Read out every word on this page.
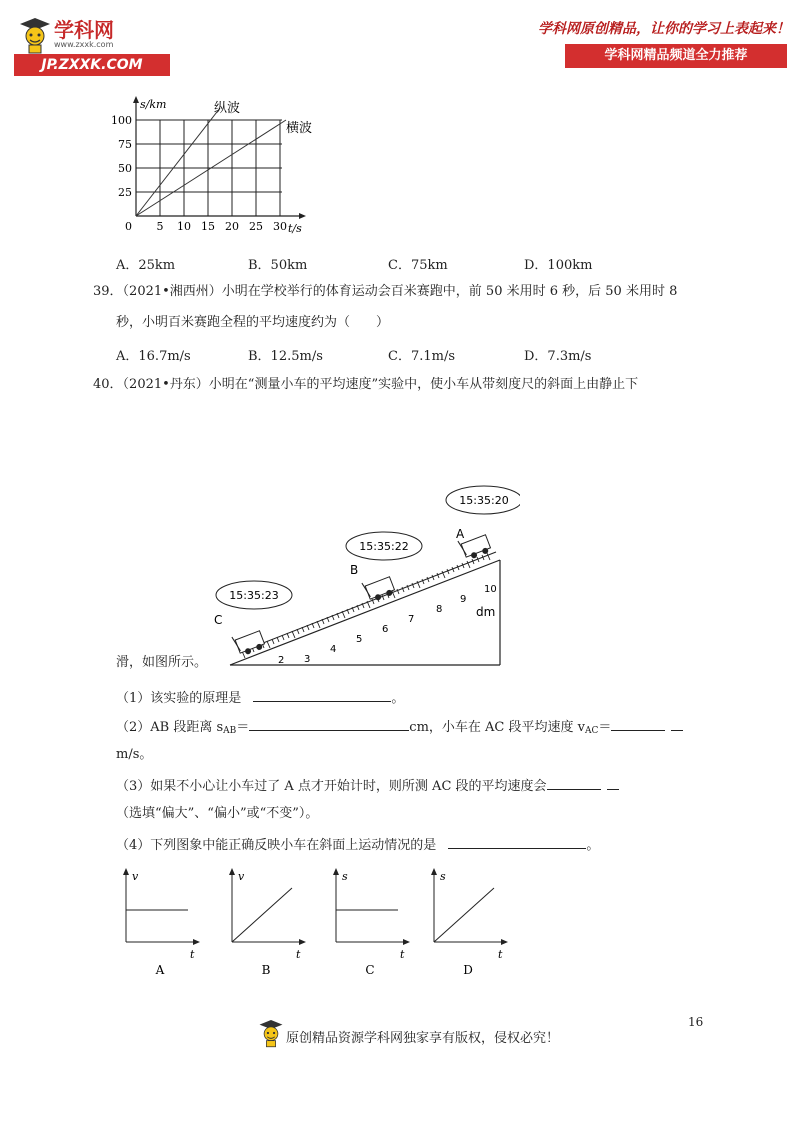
学科网
www.zxxk.com
JP.ZXXK.COM
学科网原创精品，让你的学习上表起来！
学科网精品频道全力推荐
s/km
t/s
100
75
50
25
0 5 10 15 20 25 30
纵波
横波
A．25km	B．50km	C．75km	D．100km
39．（2021•湘西州）小明在学校举行的体育运动会百米赛跑中，前 50 米用时 6 秒，后 50 米用时 8
秒，小明百米赛跑全程的平均速度约为（　　）
A．16.7m/s	B．12.5m/s	C．7.1m/s	D．7.3m/s
40．（2021•丹东）小明在“测量小车的平均速度”实验中，使小车从带刻度尺的斜面上由静止下
2 3
4
5
6
7
8
9
10
dm
A
B
C
15:35:20
15:35:22
15:35:23
滑，如图所示。
（1）该实验的原理是	。
（2）AB 段距离 $s_{AB}=$	cm，小车在 AC 段平均速度 $v_{AC}=$
m/s。
（3）如果不小心让小车过了 A 点才开始计时，则所测 AC 段的平均速度会
（选填“偏大”、“偏小”或“不变”）。
（4）下列图象中能正确反映小车在斜面上运动情况的是	。
v
t
A
v
t
B
s
t
C
s
t
D
16
原创精品资源学科网独家享有版权，侵权必究！
